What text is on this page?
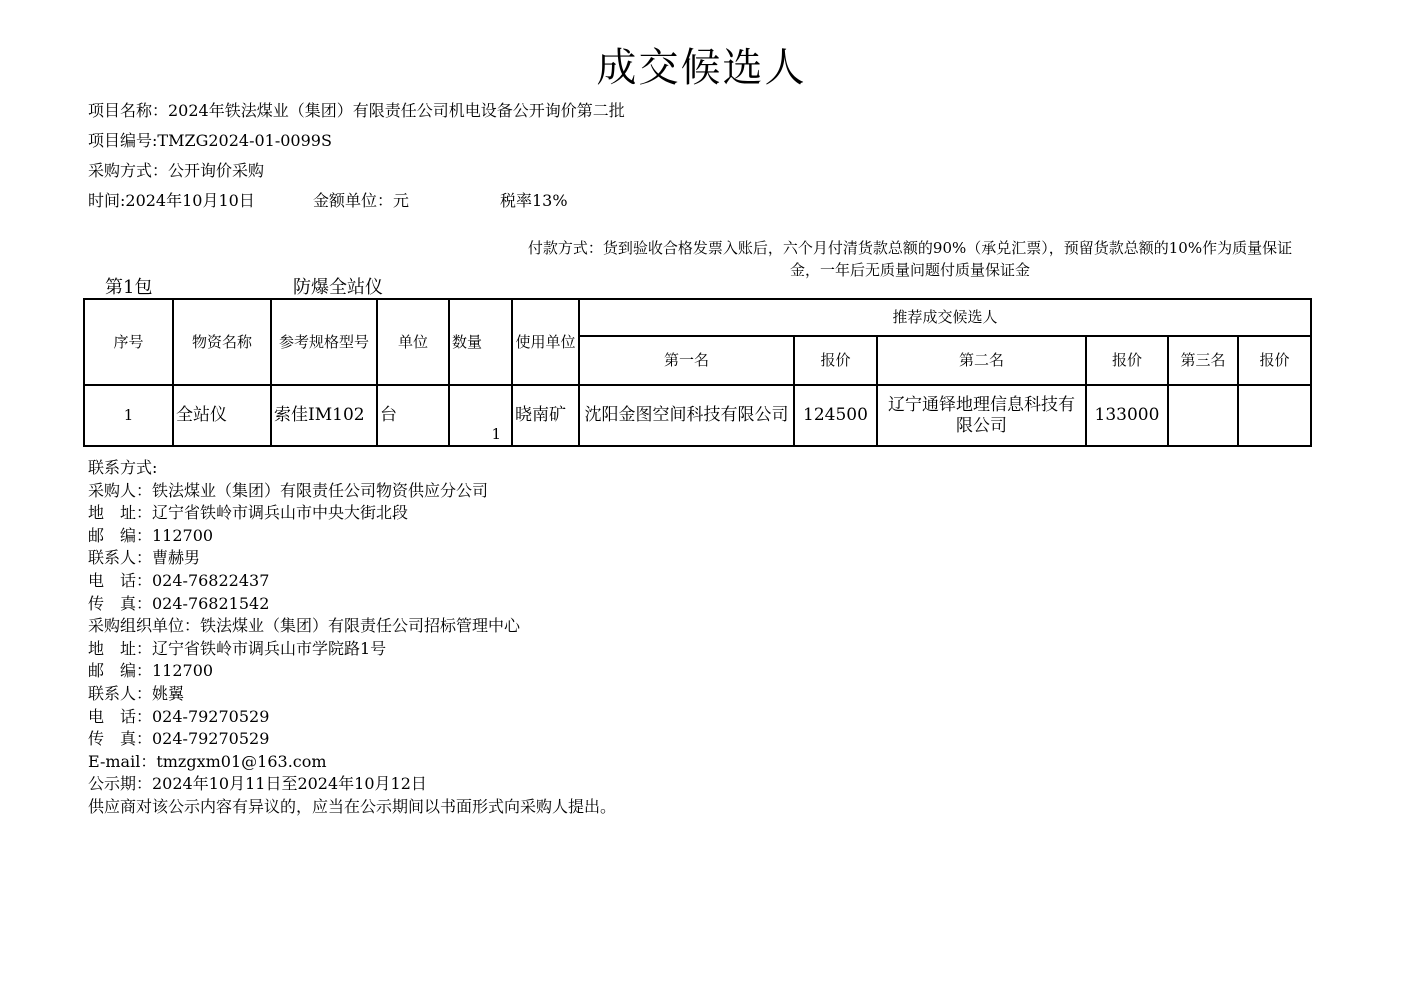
成交候选人
项目名称：2024年铁法煤业（集团）有限责任公司机电设备公开询价第二批
项目编号:TMZG2024-01-0099S
采购方式：公开询价采购
时间:2024年10月10日	金额单位：元	税率13%
付款方式：货到验收合格发票入账后，六个月付清货款总额的90%（承兑汇票），预留货款总额的10%作为质量保证金，一年后无质量问题付质量保证金
第1包	防爆全站仪
序号	物资名称	参考规格型号	单位	数量	使用单位	推荐成交候选人					
						第一名	报价	第二名	报价	第三名	报价
1	全站仪	索佳IM102	台	1	晓南矿	沈阳金图空间科技有限公司	124500	辽宁通铎地理信息科技有限公司	133000		
联系方式:
采购人：铁法煤业（集团）有限责任公司物资供应分公司
地　址：辽宁省铁岭市调兵山市中央大街北段
邮　编：112700
联系人：曹赫男
电　话：024-76822437
传　真：024-76821542
采购组织单位：铁法煤业（集团）有限责任公司招标管理中心
地　址：辽宁省铁岭市调兵山市学院路1号
邮　编：112700
联系人：姚翼
电　话：024-79270529
传　真：024-79270529
E-mail：tmzgxm01@163.com
公示期：2024年10月11日至2024年10月12日
供应商对该公示内容有异议的，应当在公示期间以书面形式向采购人提出。
